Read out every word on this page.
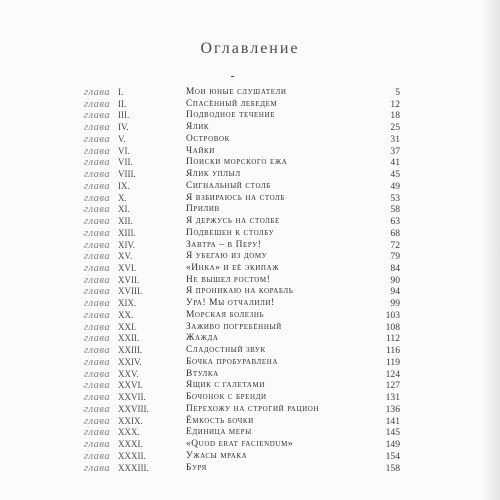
Оглавление
глава I.	Мои юные слушатели	5
глава II.	Спасённый лебедем	12
глава III.	Подводное течение	18
глава IV.	Ялик	25
глава V.	Островок	31
глава VI.	Чайки	37
глава VII.	Поиски морского ежа	41
глава VIII.	Ялик уплыл	45
глава IX.	Сигнальный столб	49
глава X.	Я взбираюсь на столб	53
глава XI.	Прилив	58
глава XII.	Я держусь на столбе	63
глава XIII.	Подвешен к столбу	68
глава XIV.	Завтра – в Перу!	72
глава XV.	Я убегаю из дому	79
глава XVI.	«Инка» и её экипаж	84
глава XVII.	Не вышел ростом!	90
глава XVIII.	Я проникаю на корабль	94
глава XIX.	Ура! Мы отчалили!	99
глава XX.	Морская болезнь	103
глава XXI.	Заживо погребённый	108
глава XXII.	Жажда	112
глава XXIII.	Сладостный звук	116
глава XXIV.	Бочка пробуравлена	119
глава XXV.	Втулка	124
глава XXVI.	Ящик с галетами	127
глава XXVII.	Бочонок с бренди	131
глава XXVIII.	Перехожу на строгий рацион	136
глава XXIX.	Ёмкость бочки	141
глава XXX.	Единица меры	145
глава XXXI.	«Quod erat faciendum»	149
глава XXXII.	Ужасы мрака	154
глава XXXIII.	Буря	158
